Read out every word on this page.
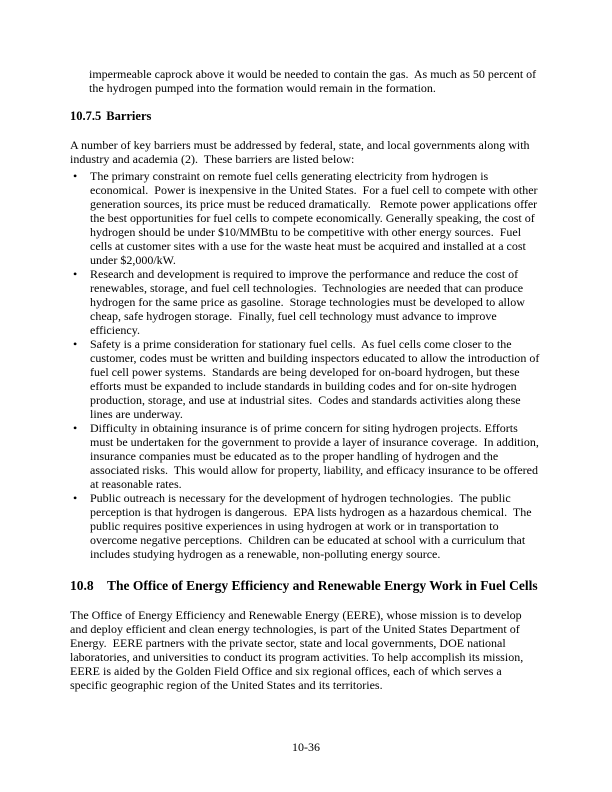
impermeable caprock above it would be needed to contain the gas.  As much as 50 percent of the hydrogen pumped into the formation would remain in the formation.

10.7.5 Barriers

A number of key barriers must be addressed by federal, state, and local governments along with industry and academia (2).  These barriers are listed below:

•	The primary constraint on remote fuel cells generating electricity from hydrogen is economical.  Power is inexpensive in the United States.  For a fuel cell to compete with other generation sources, its price must be reduced dramatically.   Remote power applications offer the best opportunities for fuel cells to compete economically. Generally speaking, the cost of hydrogen should be under $10/MMBtu to be competitive with other energy sources.  Fuel cells at customer sites with a use for the waste heat must be acquired and installed at a cost under $2,000/kW.
•	Research and development is required to improve the performance and reduce the cost of renewables, storage, and fuel cell technologies.  Technologies are needed that can produce hydrogen for the same price as gasoline.  Storage technologies must be developed to allow cheap, safe hydrogen storage.  Finally, fuel cell technology must advance to improve efficiency.
•	Safety is a prime consideration for stationary fuel cells.  As fuel cells come closer to the customer, codes must be written and building inspectors educated to allow the introduction of fuel cell power systems.  Standards are being developed for on-board hydrogen, but these efforts must be expanded to include standards in building codes and for on-site hydrogen production, storage, and use at industrial sites.  Codes and standards activities along these lines are underway.
•	Difficulty in obtaining insurance is of prime concern for siting hydrogen projects. Efforts must be undertaken for the government to provide a layer of insurance coverage.  In addition, insurance companies must be educated as to the proper handling of hydrogen and the associated risks.  This would allow for property, liability, and efficacy insurance to be offered at reasonable rates.
•	Public outreach is necessary for the development of hydrogen technologies.  The public perception is that hydrogen is dangerous.  EPA lists hydrogen as a hazardous chemical.  The public requires positive experiences in using hydrogen at work or in transportation to overcome negative perceptions.  Children can be educated at school with a curriculum that includes studying hydrogen as a renewable, non-polluting energy source.
10.8 The Office of Energy Efficiency and Renewable Energy Work in Fuel Cells

The Office of Energy Efficiency and Renewable Energy (EERE), whose mission is to develop and deploy efficient and clean energy technologies, is part of the United States Department of Energy.  EERE partners with the private sector, state and local governments, DOE national laboratories, and universities to conduct its program activities. To help accomplish its mission, EERE is aided by the Golden Field Office and six regional offices, each of which serves a specific geographic region of the United States and its territories.

10-36
